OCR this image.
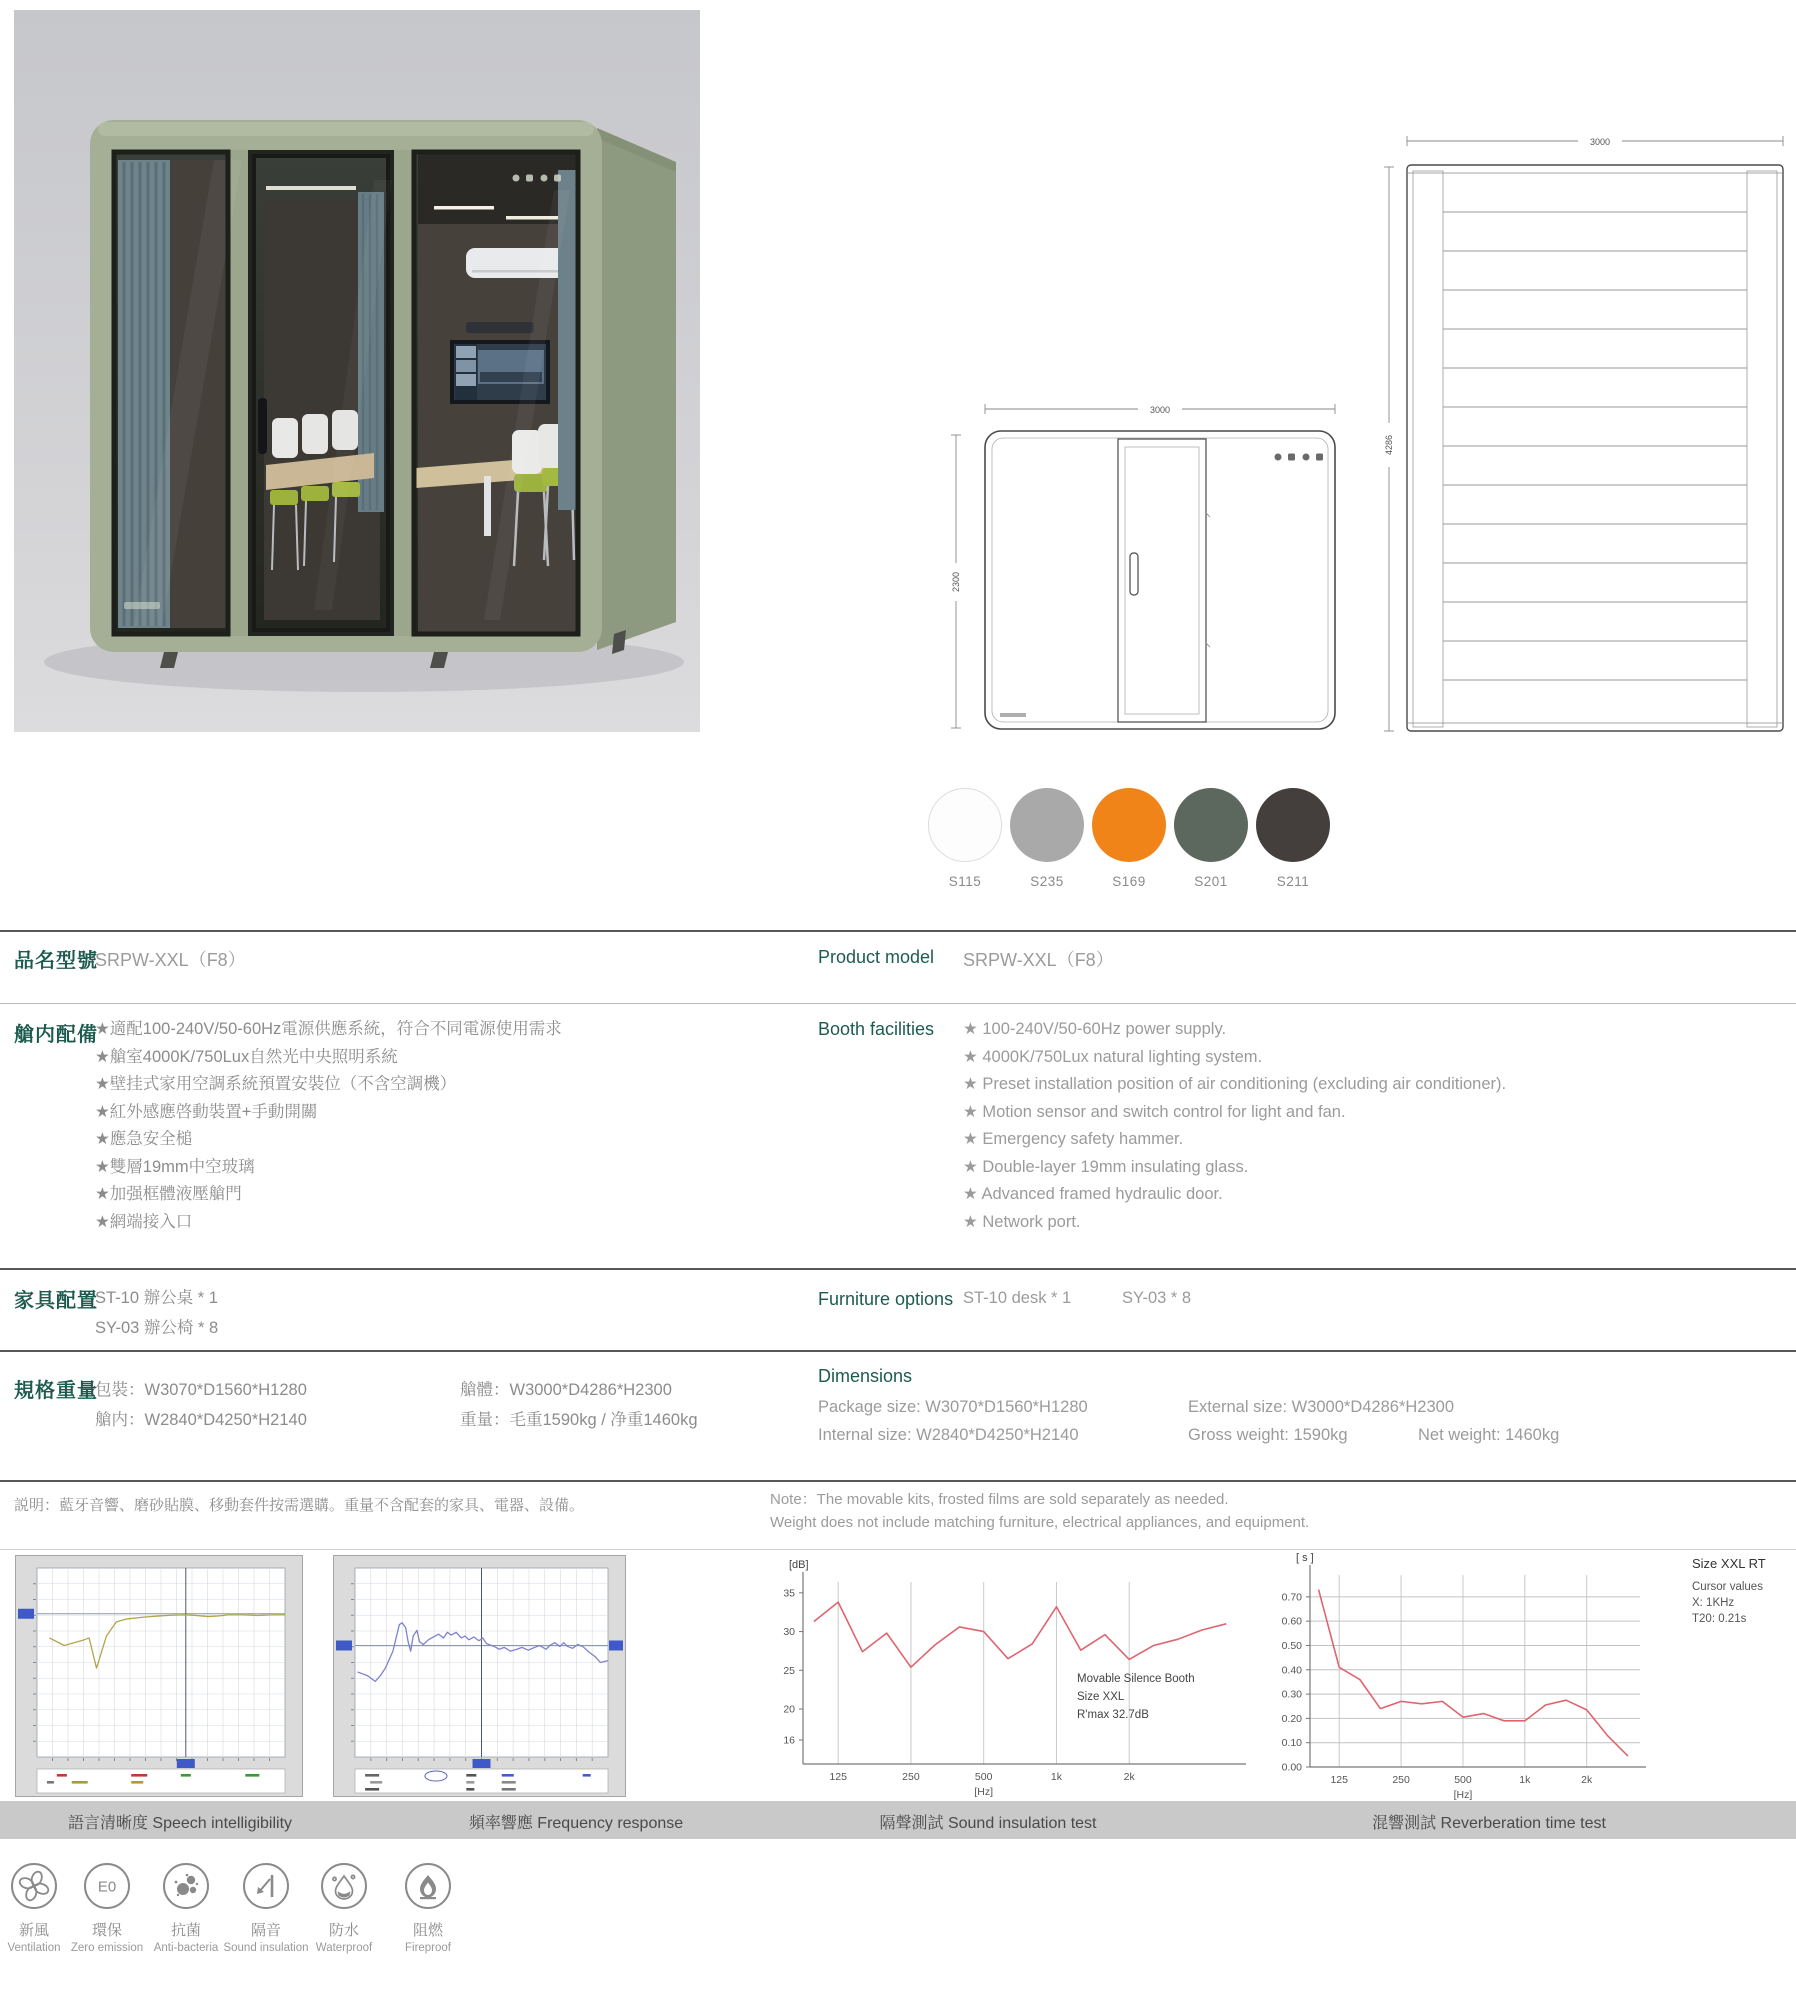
3000
2300
3000
4286
S115	S235	S169	S201	S211
品名型號
SRPW-XXL（F8）	Product model SRPW-XXL（F8）
艙内配備
★適配100-240V/50-60Hz電源供應系統，符合不同電源使用需求
★艙室4000K/750Lux自然光中央照明系統
★壁挂式家用空調系統預置安裝位（不含空調機）
★紅外感應啓動裝置+手動開關
★應急安全槌
★雙層19mm中空玻璃
★加强框體液壓艙門
★網端接入口
Booth facilities ★ 100-240V/50-60Hz power supply.
★ 4000K/750Lux natural lighting system.
★ Preset installation position of air conditioning (excluding air conditioner).
★ Motion sensor and switch control for light and fan.
★ Emergency safety hammer.
★ Double-layer 19mm insulating glass.
★ Advanced framed hydraulic door.
★ Network port.
家具配置
ST-10 辦公桌 * 1
SY-03 辦公椅 * 8
Furniture options ST-10 desk * 1	SY-03 * 8
規格重量
包裝：W3070*D1560*H1280	艙體：W3000*D4286*H2300
艙内：W2840*D4250*H2140	重量：毛重1590kg / 净重1460kg
Dimensions
Package size: W3070*D1560*H1280	External size: W3000*D4286*H2300
Internal size: W2840*D4250*H2140	Gross weight: 1590kg	Net weight: 1460kg
説明：藍牙音響、磨砂貼膜、移動套件按需選購。重量不含配套的家具、電器、設備。	Note：The movable kits, frosted films are sold separately as needed.
Weight does not include matching furniture, electrical appliances, and equipment.
125	250	500	1k	2k
35
30
25
20
16
[dB]
[Hz]
Movable Silence Booth
Size XXL
R'max 32.7dB
125	250	500	1k	2k
0.70
0.60
0.50
0.40
0.30
0.20
0.10
0.00
[ s ]
[Hz]
Size XXL RT
Cursor values
X: 1KHz
T20: 0.21s
語言清晰度 Speech intelligibility	頻率響應 Frequency response	隔聲測試 Sound insulation test	混響測試 Reverberation time test
新風
Ventilation
E0
環保
Zero emission
抗菌
Anti-bacteria
隔音
Sound insulation
防水
Waterproof
阻燃
Fireproof
